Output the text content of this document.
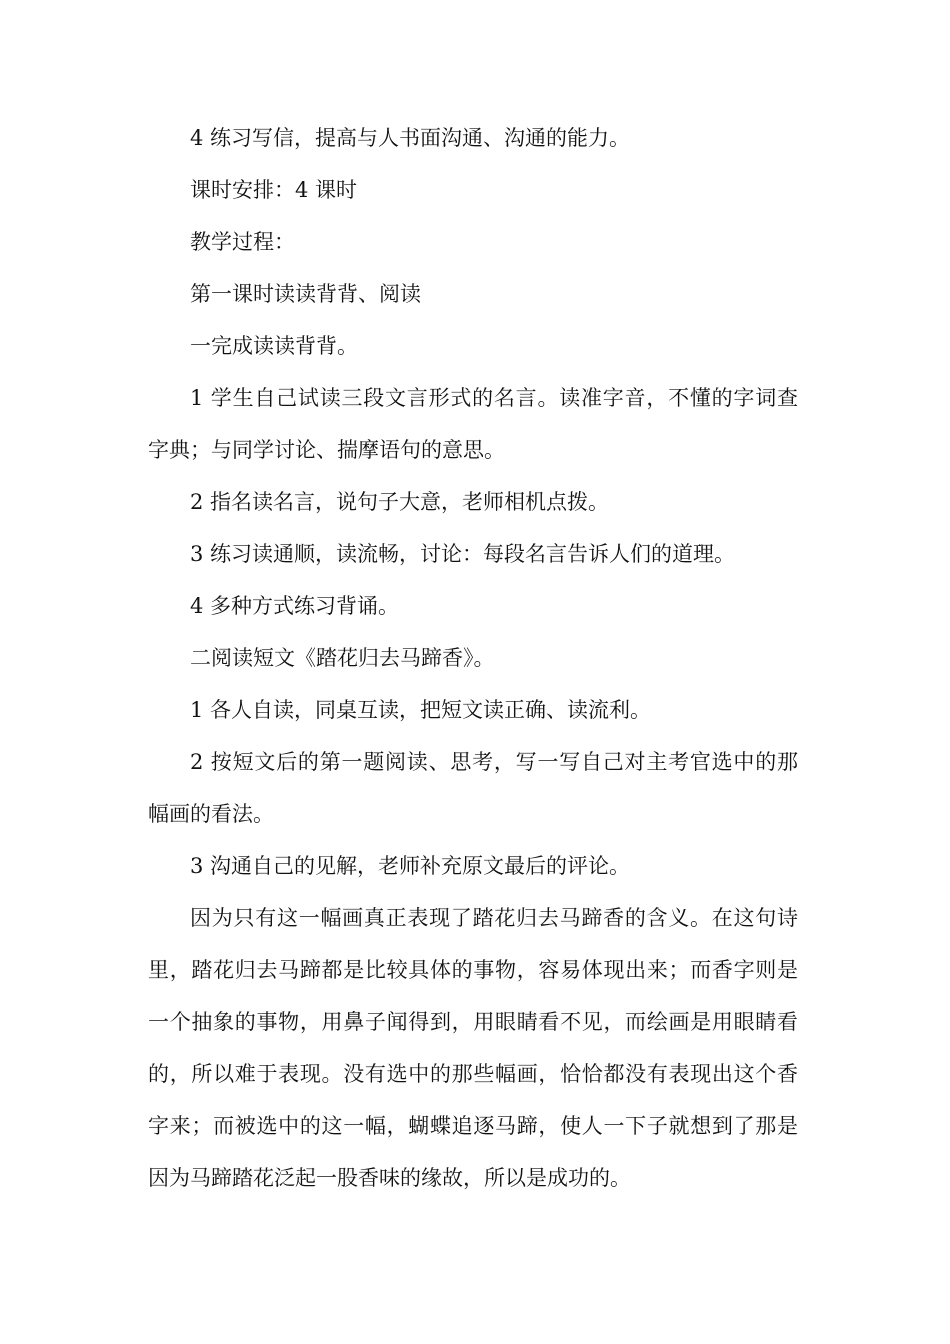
4 练习写信，提高与人书面沟通、沟通的能力。

课时安排：4 课时

教学过程：

第一课时读读背背、阅读

一完成读读背背。

1 学生自己试读三段文言形式的名言。读准字音，不懂的字词查字典；与同学讨论、揣摩语句的意思。

2 指名读名言，说句子大意，老师相机点拨。

3 练习读通顺，读流畅，讨论：每段名言告诉人们的道理。

4 多种方式练习背诵。

二阅读短文《踏花归去马蹄香》。

1 各人自读，同桌互读，把短文读正确、读流利。

2 按短文后的第一题阅读、思考，写一写自己对主考官选中的那幅画的看法。

3 沟通自己的见解，老师补充原文最后的评论。

因为只有这一幅画真正表现了踏花归去马蹄香的含义。在这句诗里，踏花归去马蹄都是比较具体的事物，容易体现出来；而香字则是一个抽象的事物，用鼻子闻得到，用眼睛看不见，而绘画是用眼睛看的，所以难于表现。没有选中的那些幅画，恰恰都没有表现出这个香字来；而被选中的这一幅，蝴蝶追逐马蹄，使人一下子就想到了那是因为马蹄踏花泛起一股香味的缘故，所以是成功的。
